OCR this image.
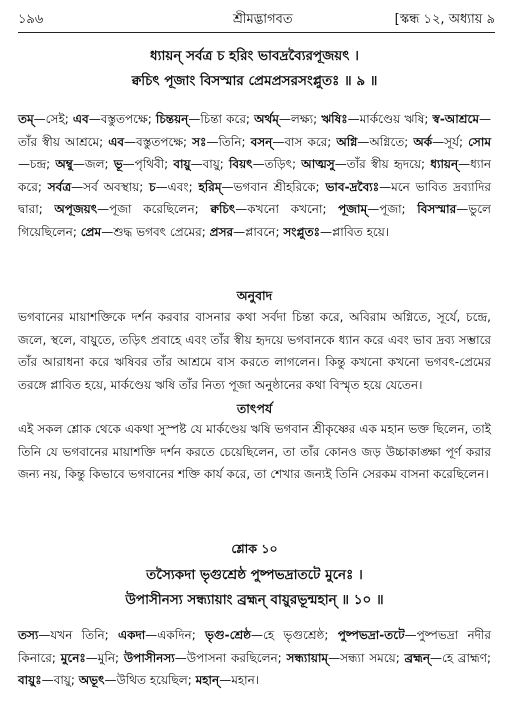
১৯৬	শ্রীমদ্ভাগবত	[স্কন্ধ ১২, অধ্যায় ৯
ধ্যায়ন্ সর্বত্র চ হরিং ভাবদ্রব্যৈরপূজয়ৎ ।
ক্বচিৎ পূজাং বিসস্মার প্রেমপ্রসরসংপ্লুতঃ ॥ ৯ ॥
তম্—সেই; এব—বস্তুতপক্ষে; চিন্তয়ন্—চিন্তা করে; অর্থম্—লক্ষ্য; ঋষিঃ—মার্কণ্ডেয় ঋষি; স্ব-আশ্রমে—তাঁর স্বীয় আশ্রমে; এব—বস্তুতপক্ষে; সঃ—তিনি; বসন্—বাস করে; অগ্নি—অগ্নিতে; অর্ক—সূর্য; সোম—চন্দ্র; অম্বু—জল; ভূ—পৃথিবী; বায়ু—বায়ু; বিয়ৎ—তড়িৎ; আত্মসু—তাঁর স্বীয় হৃদয়ে; ধ্যায়ন্—ধ্যান করে; সর্বত্র—সর্ব অবস্থায়; চ—এবং; হরিম্—ভগবান শ্রীহরিকে; ভাব-দ্রব্যৈঃ—মনে ভাবিত দ্রব্যাদির দ্বারা; অপূজয়ৎ—পূজা করেছিলেন; ক্বচিৎ—কখনো কখনো; পূজাম্—পূজা; বিসস্মার—ভুলে গিয়েছিলেন; প্রেম—শুদ্ধ ভগবৎ প্রেমের; প্রসর—প্লাবনে; সংপ্লুতঃ—প্লাবিত হয়ে।
অনুবাদ
ভগবানের মায়াশক্তিকে দর্শন করবার বাসনার কথা সর্বদা চিন্তা করে, অবিরাম অগ্নিতে, সূর্যে, চন্দ্রে, জলে, স্থলে, বায়ুতে, তড়িৎ প্রবাহে এবং তাঁর স্বীয় হৃদয়ে ভগবানকে ধ্যান করে এবং ভাব দ্রব্য সম্ভারে তাঁর আরাধনা করে ঋষিবর তাঁর আশ্রমে বাস করতে লাগলেন। কিন্তু কখনো কখনো ভগবৎ-প্রেমের তরঙ্গে প্লাবিত হয়ে, মার্কণ্ডেয় ঋষি তাঁর নিত্য পূজা অনুষ্ঠানের কথা বিস্মৃত হয়ে যেতেন।
তাৎপর্য
এই সকল শ্লোক থেকে একথা সুস্পষ্ট যে মার্কণ্ডেয় ঋষি ভগবান শ্রীকৃষ্ণের এক মহান ভক্ত ছিলেন, তাই তিনি যে ভগবানের মায়াশক্তি দর্শন করতে চেয়েছিলেন, তা তাঁর কোনও জড় উচ্চাকাঙ্ক্ষা পূর্ণ করার জন্য নয়, কিন্তু কিভাবে ভগবানের শক্তি কার্য করে, তা শেখার জন্যই তিনি সেরকম বাসনা করেছিলেন।
শ্লোক ১০
তস্যৈকদা ভৃগুশ্রেষ্ঠ পুষ্পভদ্রাতটে মুনেঃ ।
উপাসীনস্য সন্ধ্যায়াং ব্রহ্মন্ বায়ুরভূন্মহান্ ॥ ১০ ॥
তস্য—যখন তিনি; একদা—একদিন; ভৃগু-শ্রেষ্ঠ—হে ভৃগুশ্রেষ্ঠ; পুষ্পভদ্রা-তটে—পুষ্পভদ্রা নদীর কিনারে; মুনেঃ—মুনি; উপাসীনস্য—উপাসনা করছিলেন; সন্ধ্যায়াম্—সন্ধ্যা সময়ে; ব্রহ্মন্—হে ব্রাহ্মণ; বায়ুঃ—বায়ু; অভূৎ—উথিত হয়েছিল; মহান্—মহান।
